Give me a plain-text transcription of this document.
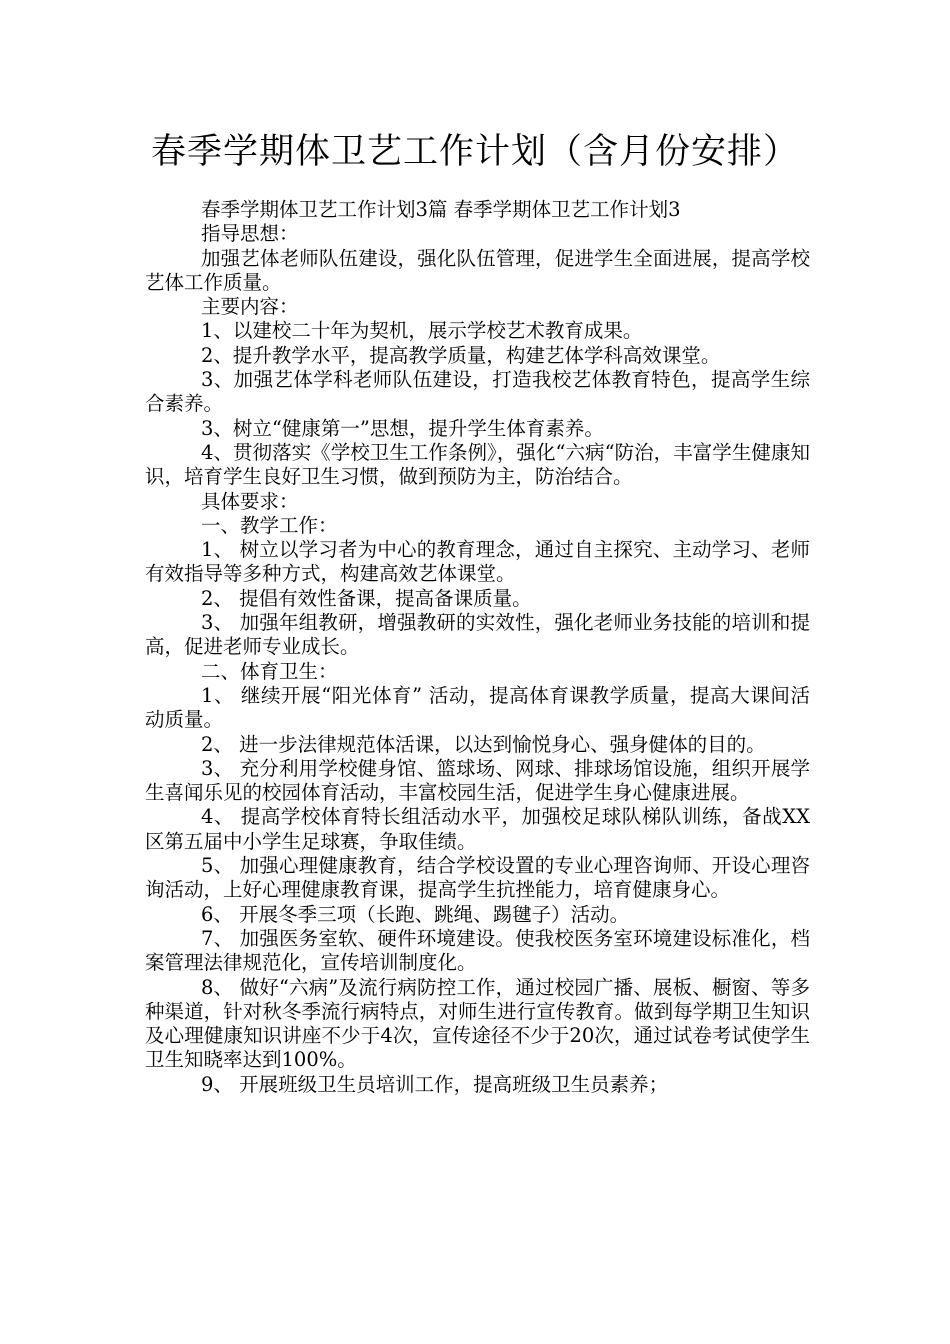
春季学期体卫艺工作计划（含月份安排）

春季学期体卫艺工作计划3篇 春季学期体卫艺工作计划3

指导思想：

加强艺体老师队伍建设，强化队伍管理，促进学生全面进展，提高学校艺体工作质量。

主要内容：

1、以建校二十年为契机，展示学校艺术教育成果。

2、提升教学水平，提高教学质量，构建艺体学科高效课堂。

3、加强艺体学科老师队伍建设，打造我校艺体教育特色，提高学生综合素养。

3、树立“健康第一”思想，提升学生体育素养。

4、贯彻落实《学校卫生工作条例》，强化“六病“防治，丰富学生健康知识，培育学生良好卫生习惯，做到预防为主，防治结合。

具体要求：

一、教学工作：

1、 树立以学习者为中心的教育理念，通过自主探究、主动学习、老师有效指导等多种方式，构建高效艺体课堂。

2、 提倡有效性备课，提高备课质量。

3、 加强年组教研，增强教研的实效性，强化老师业务技能的培训和提高，促进老师专业成长。

二、体育卫生：

1、 继续开展“阳光体育” 活动，提高体育课教学质量，提高大课间活动质量。

2、 进一步法律规范体活课，以达到愉悦身心、强身健体的目的。

3、 充分利用学校健身馆、篮球场、网球、排球场馆设施，组织开展学生喜闻乐见的校园体育活动，丰富校园生活，促进学生身心健康进展。

4、 提高学校体育特长组活动水平，加强校足球队梯队训练，备战XX区第五届中小学生足球赛，争取佳绩。

5、 加强心理健康教育，结合学校设置的专业心理咨询师、开设心理咨询活动，上好心理健康教育课，提高学生抗挫能力，培育健康身心。

6、 开展冬季三项（长跑、跳绳、踢毽子）活动。

7、 加强医务室软、硬件环境建设。使我校医务室环境建设标准化，档案管理法律规范化，宣传培训制度化。

8、 做好“六病”及流行病防控工作，通过校园广播、展板、橱窗、等多种渠道，针对秋冬季流行病特点，对师生进行宣传教育。做到每学期卫生知识及心理健康知识讲座不少于4次，宣传途径不少于20次，通过试卷考试使学生卫生知晓率达到100%。

9、 开展班级卫生员培训工作，提高班级卫生员素养；
